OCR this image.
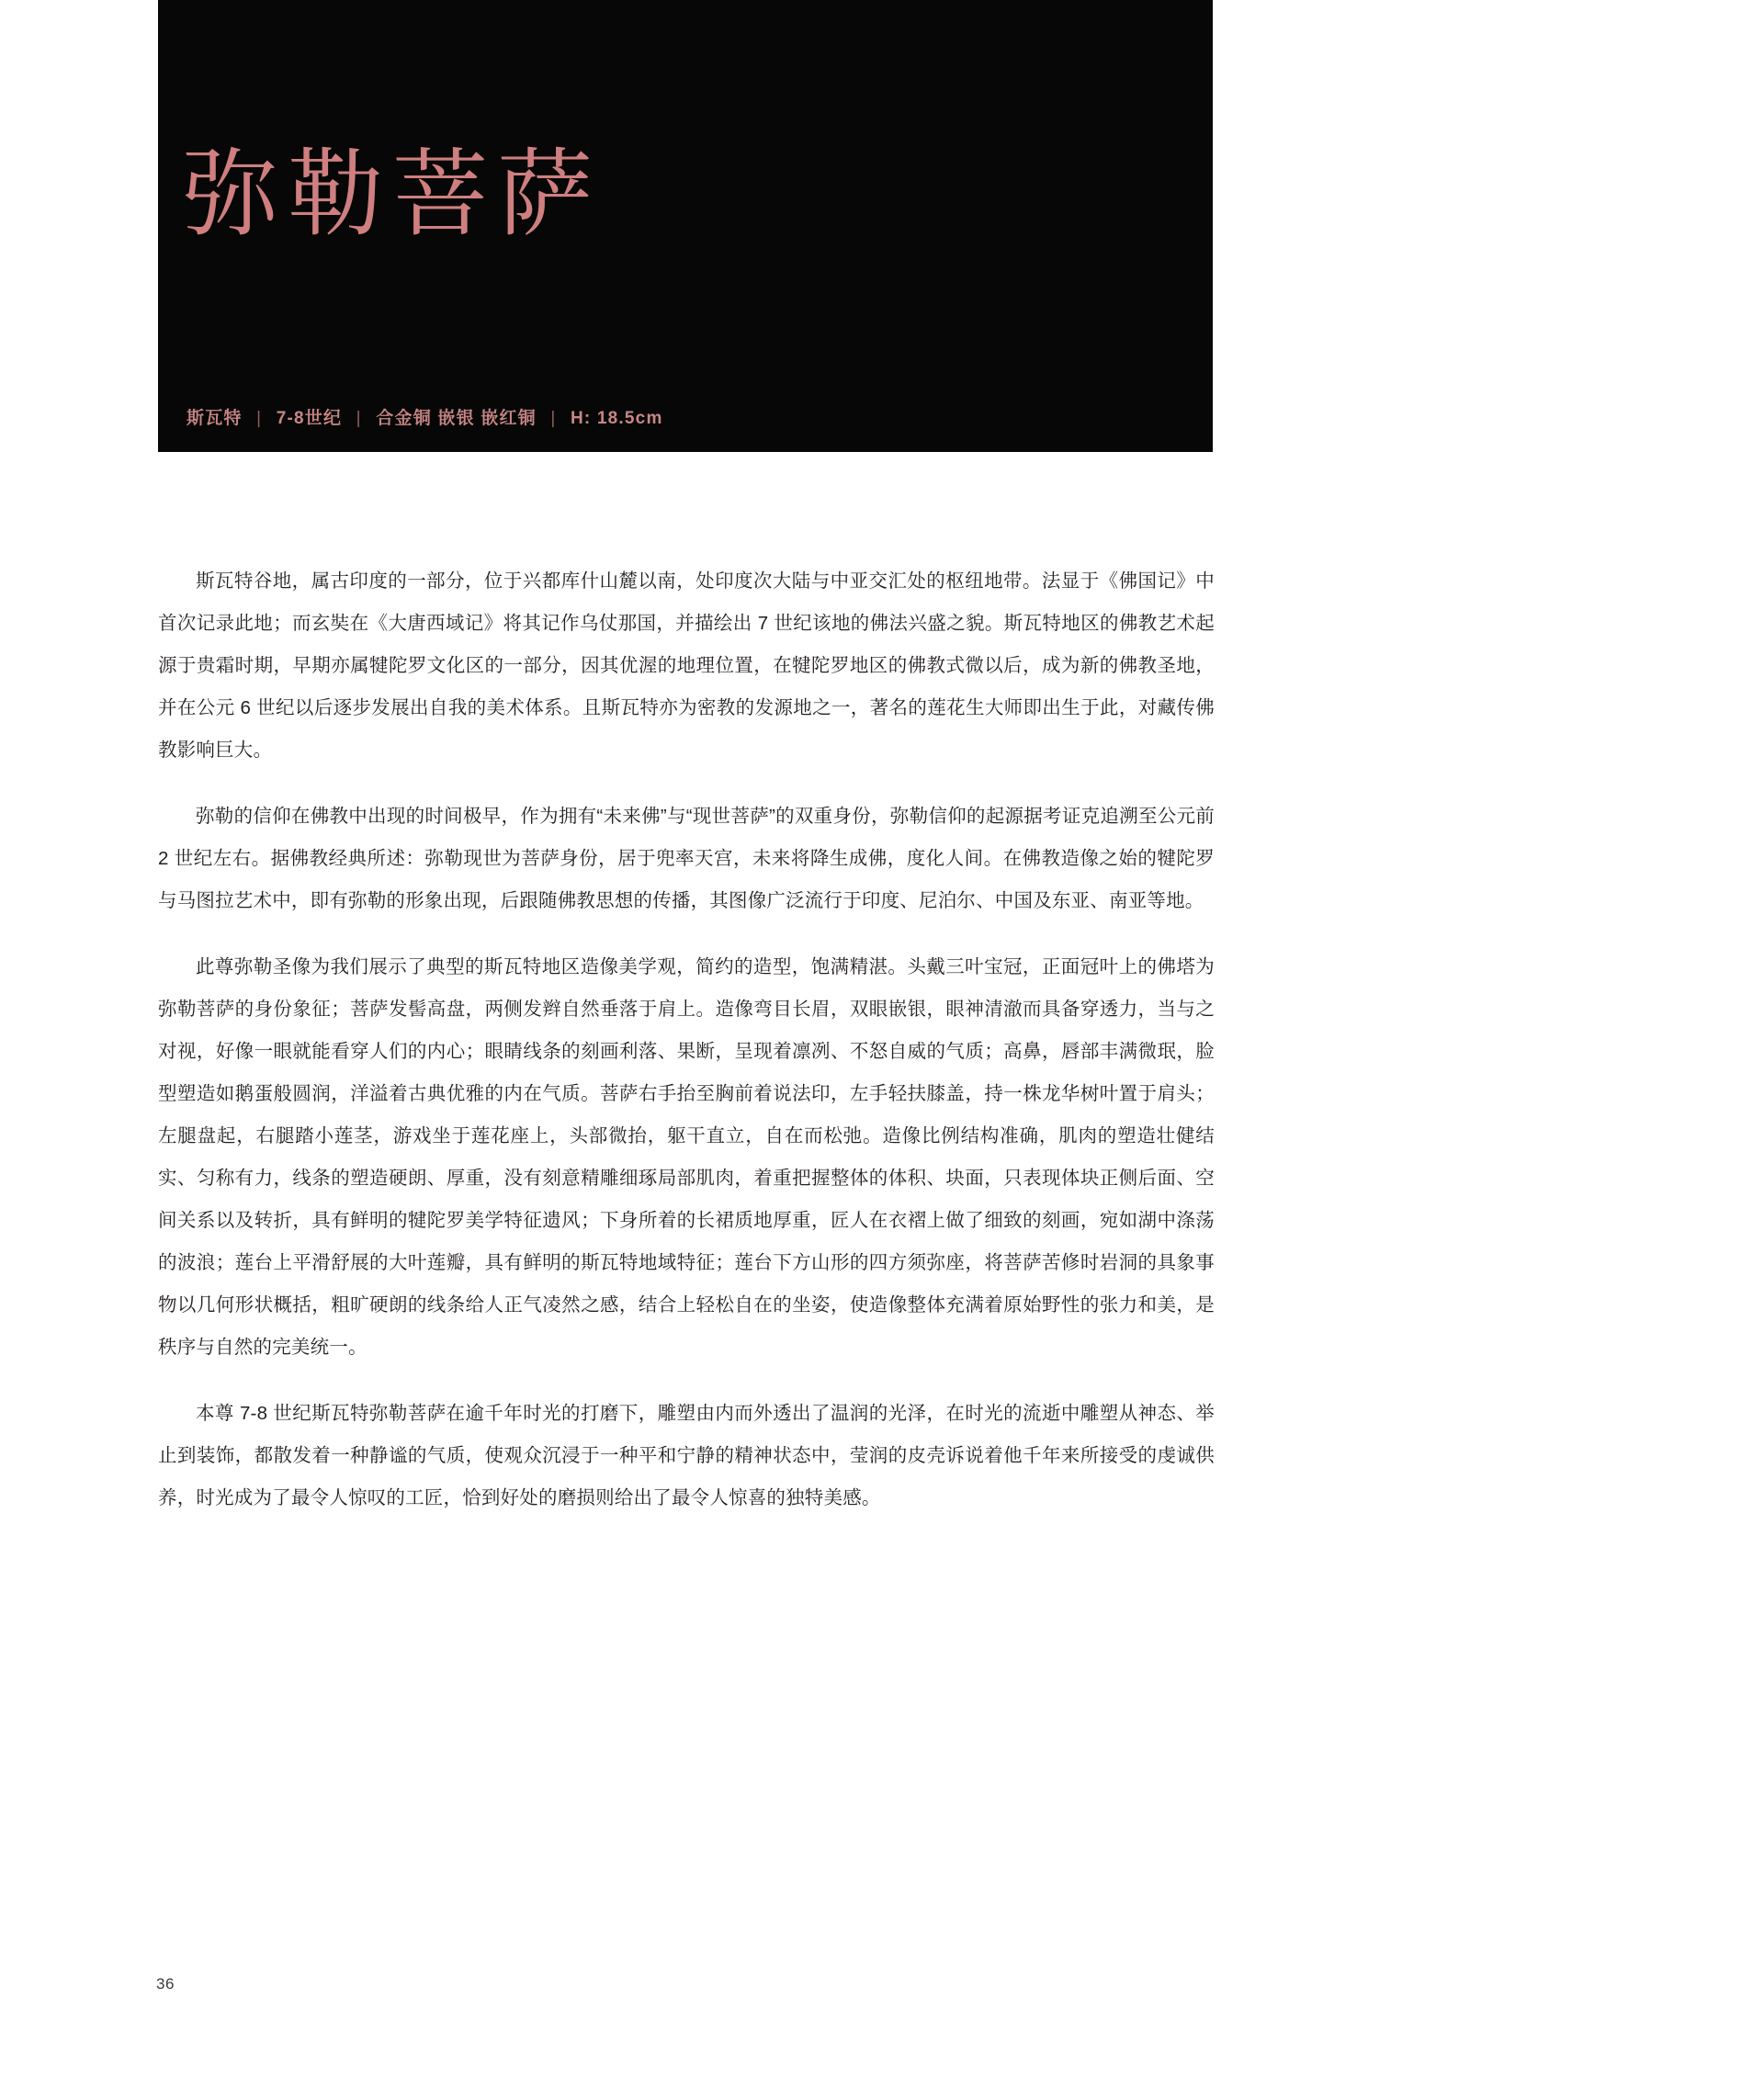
弥勒菩萨
斯瓦特 | 7-8世纪 | 合金铜 嵌银 嵌红铜 | H: 18.5cm

斯瓦特谷地，属古印度的一部分，位于兴都库什山麓以南，处印度次大陆与中亚交汇处的枢纽地带。法显于《佛国记》中首次记录此地；而玄奘在《大唐西域记》将其记作乌仗那国，并描绘出 7 世纪该地的佛法兴盛之貌。斯瓦特地区的佛教艺术起源于贵霜时期，早期亦属犍陀罗文化区的一部分，因其优渥的地理位置，在犍陀罗地区的佛教式微以后，成为新的佛教圣地，并在公元 6 世纪以后逐步发展出自我的美术体系。且斯瓦特亦为密教的发源地之一，著名的莲花生大师即出生于此，对藏传佛教影响巨大。

弥勒的信仰在佛教中出现的时间极早，作为拥有“未来佛”与“现世菩萨”的双重身份，弥勒信仰的起源据考证克追溯至公元前 2 世纪左右。据佛教经典所述：弥勒现世为菩萨身份，居于兜率天宫，未来将降生成佛，度化人间。在佛教造像之始的犍陀罗与马图拉艺术中，即有弥勒的形象出现，后跟随佛教思想的传播，其图像广泛流行于印度、尼泊尔、中国及东亚、南亚等地。

此尊弥勒圣像为我们展示了典型的斯瓦特地区造像美学观，简约的造型，饱满精湛。头戴三叶宝冠，正面冠叶上的佛塔为弥勒菩萨的身份象征；菩萨发髻高盘，两侧发辫自然垂落于肩上。造像弯目长眉，双眼嵌银，眼神清澈而具备穿透力，当与之对视，好像一眼就能看穿人们的内心；眼睛线条的刻画利落、果断，呈现着凛冽、不怒自威的气质；高鼻，唇部丰满微珉，脸型塑造如鹅蛋般圆润，洋溢着古典优雅的内在气质。菩萨右手抬至胸前着说法印，左手轻扶膝盖，持一株龙华树叶置于肩头；左腿盘起，右腿踏小莲茎，游戏坐于莲花座上，头部微抬，躯干直立，自在而松弛。造像比例结构准确，肌肉的塑造壮健结实、匀称有力，线条的塑造硬朗、厚重，没有刻意精雕细琢局部肌肉，着重把握整体的体积、块面，只表现体块正侧后面、空间关系以及转折，具有鲜明的犍陀罗美学特征遗风；下身所着的长裙质地厚重，匠人在衣褶上做了细致的刻画，宛如湖中涤荡的波浪；莲台上平滑舒展的大叶莲瓣，具有鲜明的斯瓦特地域特征；莲台下方山形的四方须弥座，将菩萨苦修时岩洞的具象事物以几何形状概括，粗旷硬朗的线条给人正气凌然之感，结合上轻松自在的坐姿，使造像整体充满着原始野性的张力和美，是秩序与自然的完美统一。

本尊 7-8 世纪斯瓦特弥勒菩萨在逾千年时光的打磨下，雕塑由内而外透出了温润的光泽，在时光的流逝中雕塑从神态、举止到装饰，都散发着一种静谧的气质，使观众沉浸于一种平和宁静的精神状态中，莹润的皮壳诉说着他千年来所接受的虔诚供养，时光成为了最令人惊叹的工匠，恰到好处的磨损则给出了最令人惊喜的独特美感。

36
